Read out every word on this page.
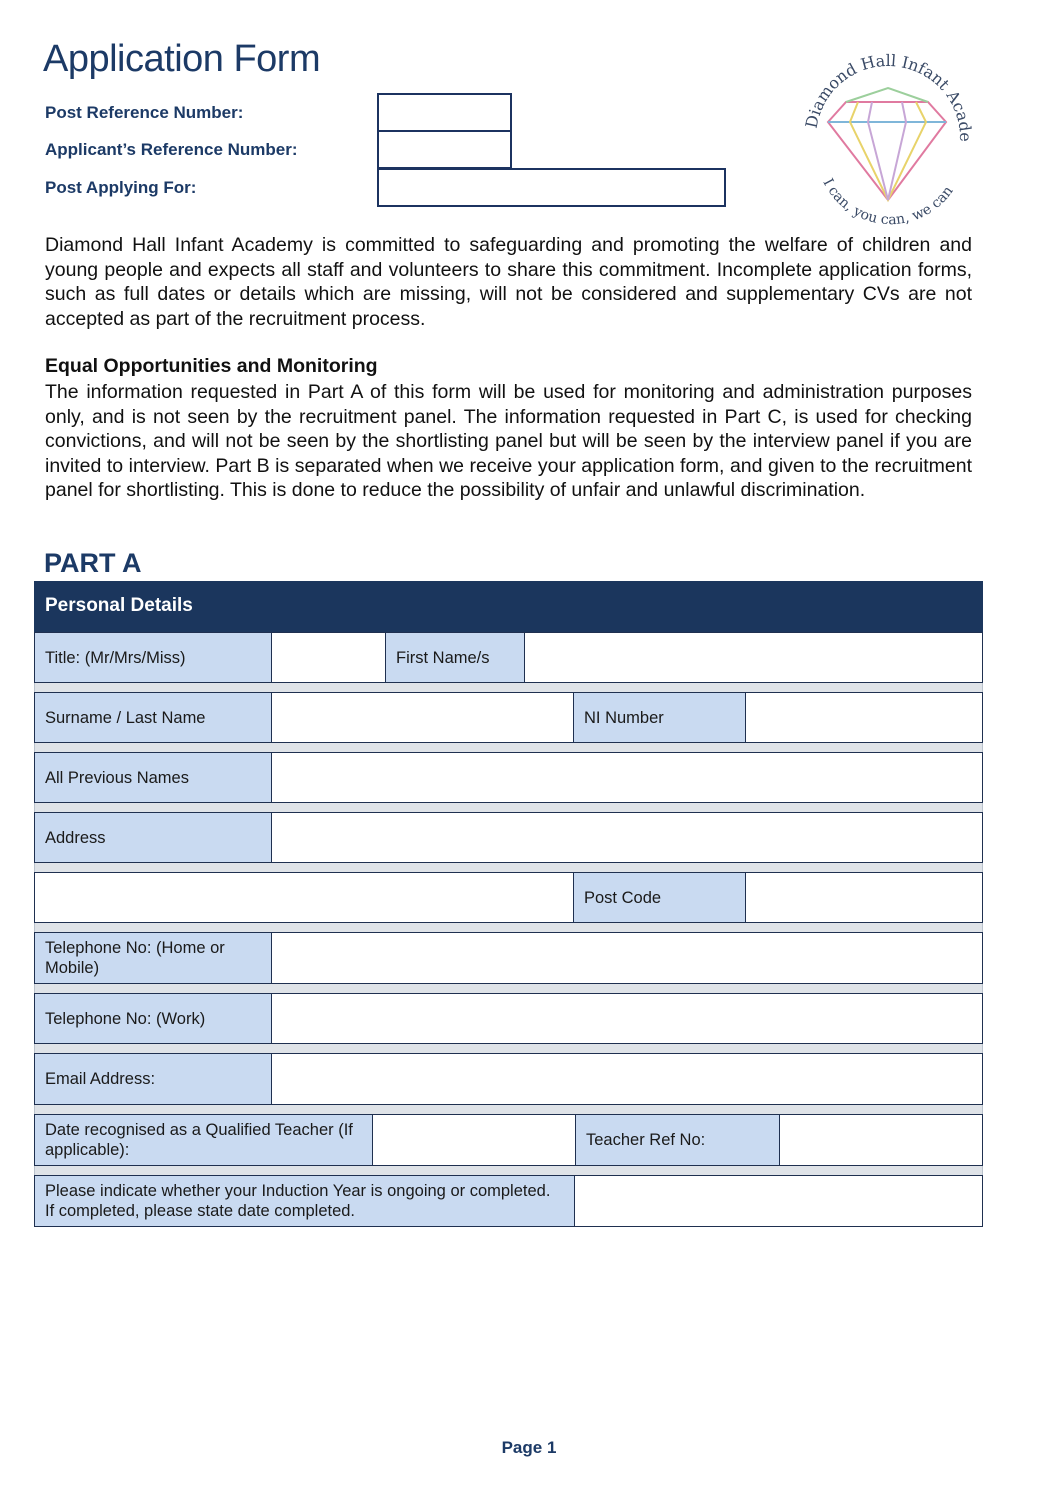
Application Form
Post Reference Number:
Applicant’s Reference Number:
Post Applying For:
Diamond Hall Infant Acade
I can, you can, we can
Diamond Hall Infant Academy is committed to safeguarding and promoting the welfare of children and young people and expects all staff and volunteers to share this commitment. Incomplete application forms, such as full dates or details which are missing, will not be considered and supplementary CVs are not accepted as part of the recruitment process.
Equal Opportunities and Monitoring
The information requested in Part A of this form will be used for monitoring and administration purposes only, and is not seen by the recruitment panel. The information requested in Part C, is used for checking convictions, and will not be seen by the shortlisting panel but will be seen by the interview panel if you are invited to interview. Part B is separated when we receive your application form, and given to the recruitment panel for shortlisting. This is done to reduce the possibility of unfair and unlawful discrimination.
PART A
Personal Details
Title: (Mr/Mrs/Miss)	First Name/s
Surname / Last Name	NI Number
All Previous Names
Address
Post Code
Telephone No: (Home or Mobile)
Telephone No: (Work)
Email Address:
Date recognised as a Qualified Teacher (If applicable):
Teacher Ref No:
Please indicate whether your Induction Year is ongoing or completed. If completed, please state date completed.
Page 1
